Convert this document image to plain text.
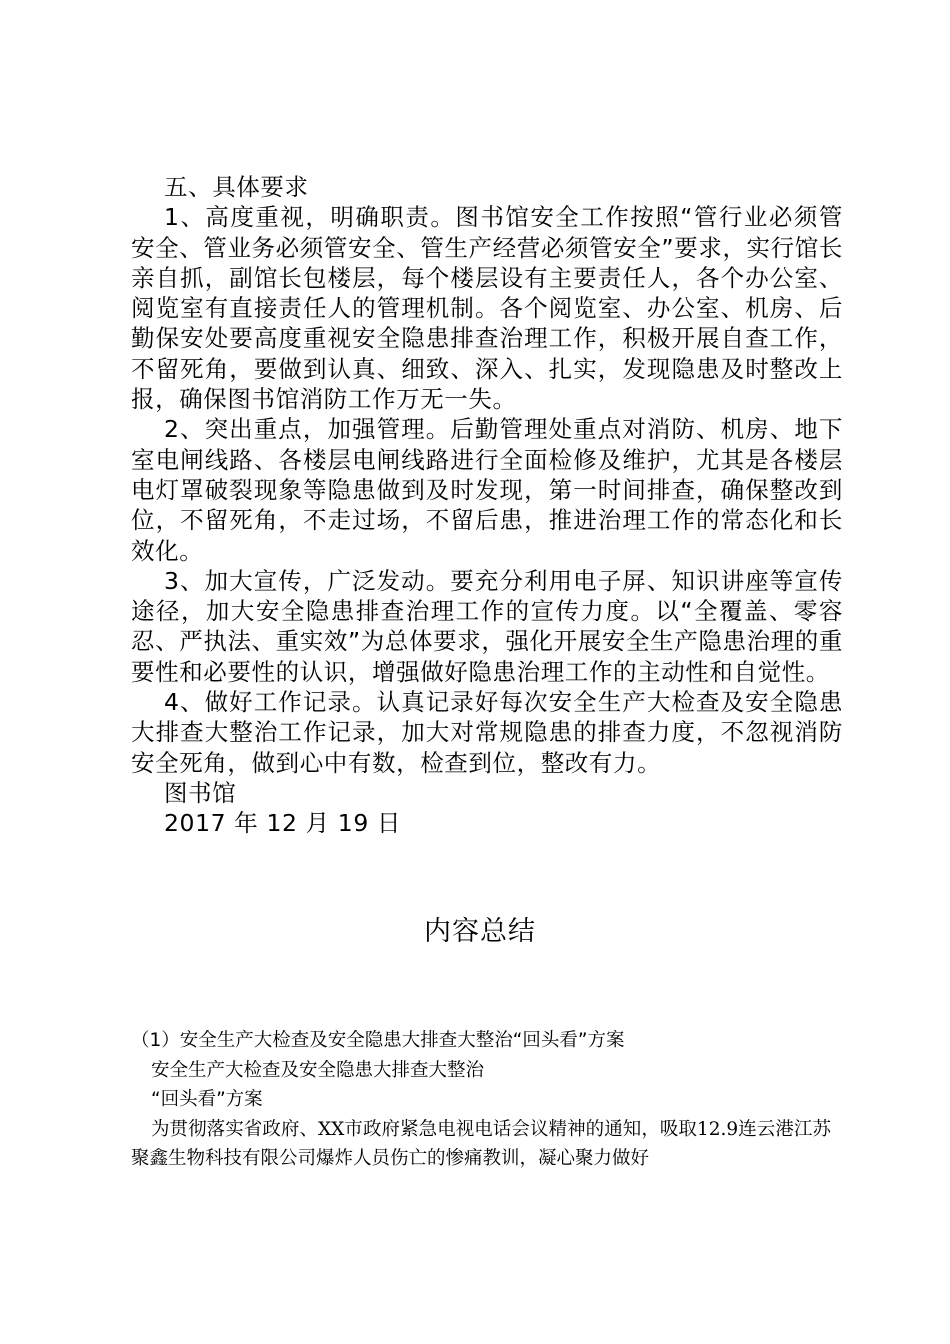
五、具体要求

1、高度重视，明确职责。图书馆安全工作按照“管行业必须管安全、管业务必须管安全、管生产经营必须管安全”要求，实行馆长亲自抓，副馆长包楼层，每个楼层设有主要责任人，各个办公室、阅览室有直接责任人的管理机制。各个阅览室、办公室、机房、后勤保安处要高度重视安全隐患排查治理工作，积极开展自查工作，不留死角，要做到认真、细致、深入、扎实，发现隐患及时整改上报，确保图书馆消防工作万无一失。

2、突出重点，加强管理。后勤管理处重点对消防、机房、地下室电闸线路、各楼层电闸线路进行全面检修及维护，尤其是各楼层电灯罩破裂现象等隐患做到及时发现，第一时间排查，确保整改到位，不留死角，不走过场，不留后患，推进治理工作的常态化和长效化。

3、加大宣传，广泛发动。要充分利用电子屏、知识讲座等宣传途径，加大安全隐患排查治理工作的宣传力度。以“全覆盖、零容忍、严执法、重实效”为总体要求，强化开展安全生产隐患治理的重要性和必要性的认识，增强做好隐患治理工作的主动性和自觉性。

4、做好工作记录。认真记录好每次安全生产大检查及安全隐患大排查大整治工作记录，加大对常规隐患的排查力度，不忽视消防安全死角，做到心中有数，检查到位，整改有力。

图书馆

2017 年 12 月 19 日

内容总结

（1）安全生产大检查及安全隐患大排查大整治“回头看”方案

安全生产大检查及安全隐患大排查大整治

“回头看”方案

为贯彻落实省政府、XX市政府紧急电视电话会议精神的通知，吸取12.9连云港江苏聚鑫生物科技有限公司爆炸人员伤亡的惨痛教训，凝心聚力做好
